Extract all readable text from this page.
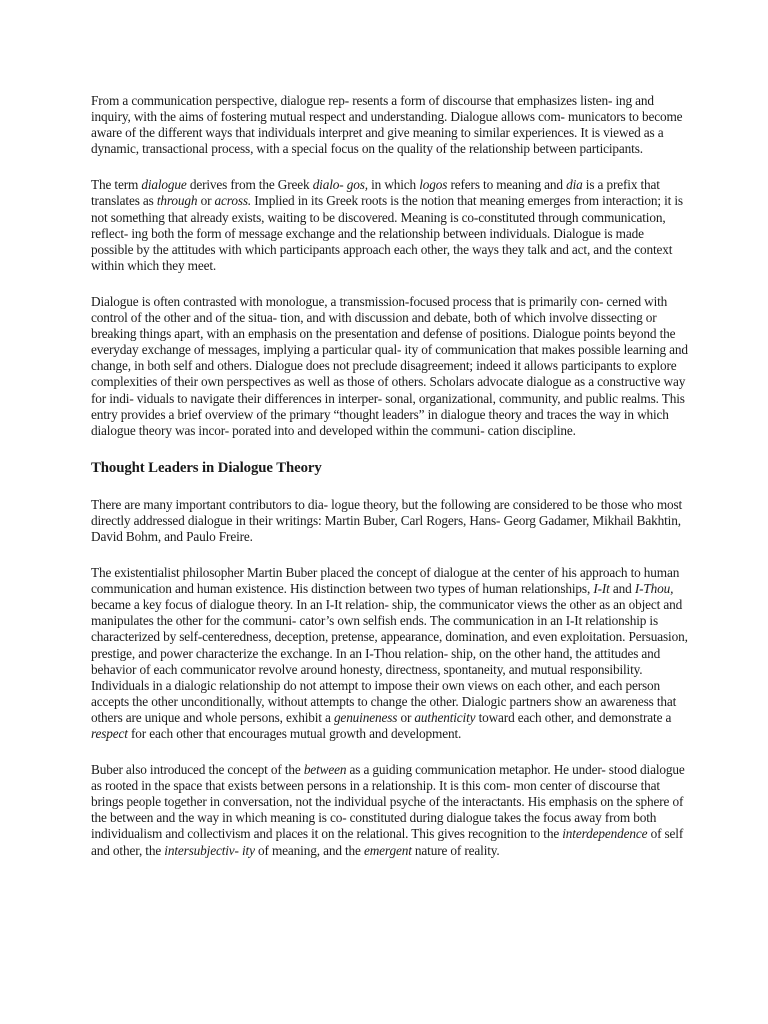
From a communication perspective, dialogue rep- resents a form of discourse that emphasizes listen- ing and inquiry, with the aims of fostering mutual respect and understanding. Dialogue allows com- municators to become aware of the different ways that individuals interpret and give meaning to similar experiences. It is viewed as a dynamic, transactional process, with a special focus on the quality of the relationship between participants.

The term dialogue derives from the Greek dialo- gos, in which logos refers to meaning and dia is a prefix that translates as through or across. Implied in its Greek roots is the notion that meaning emerges from interaction; it is not something that already exists, waiting to be discovered. Meaning is co-constituted through communication, reflect- ing both the form of message exchange and the relationship between individuals. Dialogue is made possible by the attitudes with which participants approach each other, the ways they talk and act, and the context within which they meet.

Dialogue is often contrasted with monologue, a transmission-focused process that is primarily con- cerned with control of the other and of the situa- tion, and with discussion and debate, both of which involve dissecting or breaking things apart, with an emphasis on the presentation and defense of positions. Dialogue points beyond the everyday exchange of messages, implying a particular qual- ity of communication that makes possible learning and change, in both self and others. Dialogue does not preclude disagreement; indeed it allows participants to explore complexities of their own perspectives as well as those of others. Scholars advocate dialogue as a constructive way for indi- viduals to navigate their differences in interper- sonal, organizational, community, and public realms. This entry provides a brief overview of the primary “thought leaders” in dialogue theory and traces the way in which dialogue theory was incor- porated into and developed within the communi- cation discipline.

Thought Leaders in Dialogue Theory

There are many important contributors to dia- logue theory, but the following are considered to be those who most directly addressed dialogue in their writings: Martin Buber, Carl Rogers, Hans- Georg Gadamer, Mikhail Bakhtin, David Bohm, and Paulo Freire.

The existentialist philosopher Martin Buber placed the concept of dialogue at the center of his approach to human communication and human existence. His distinction between two types of human relationships, I-It and I-Thou, became a key focus of dialogue theory. In an I-It relation- ship, the communicator views the other as an object and manipulates the other for the communi- cator’s own selfish ends. The communication in an I-It relationship is characterized by self-centeredness, deception, pretense, appearance, domination, and even exploitation. Persuasion, prestige, and power characterize the exchange. In an I-Thou relation- ship, on the other hand, the attitudes and behavior of each communicator revolve around honesty, directness, spontaneity, and mutual responsibility. Individuals in a dialogic relationship do not attempt to impose their own views on each other, and each person accepts the other unconditionally, without attempts to change the other. Dialogic partners show an awareness that others are unique and whole persons, exhibit a genuineness or authenticity toward each other, and demonstrate a respect for each other that encourages mutual growth and development.

Buber also introduced the concept of the between as a guiding communication metaphor. He under- stood dialogue as rooted in the space that exists between persons in a relationship. It is this com- mon center of discourse that brings people together in conversation, not the individual psyche of the interactants. His emphasis on the sphere of the between and the way in which meaning is co- constituted during dialogue takes the focus away from both individualism and collectivism and places it on the relational. This gives recognition to the interdependence of self and other, the intersubjectiv- ity of meaning, and the emergent nature of reality.
